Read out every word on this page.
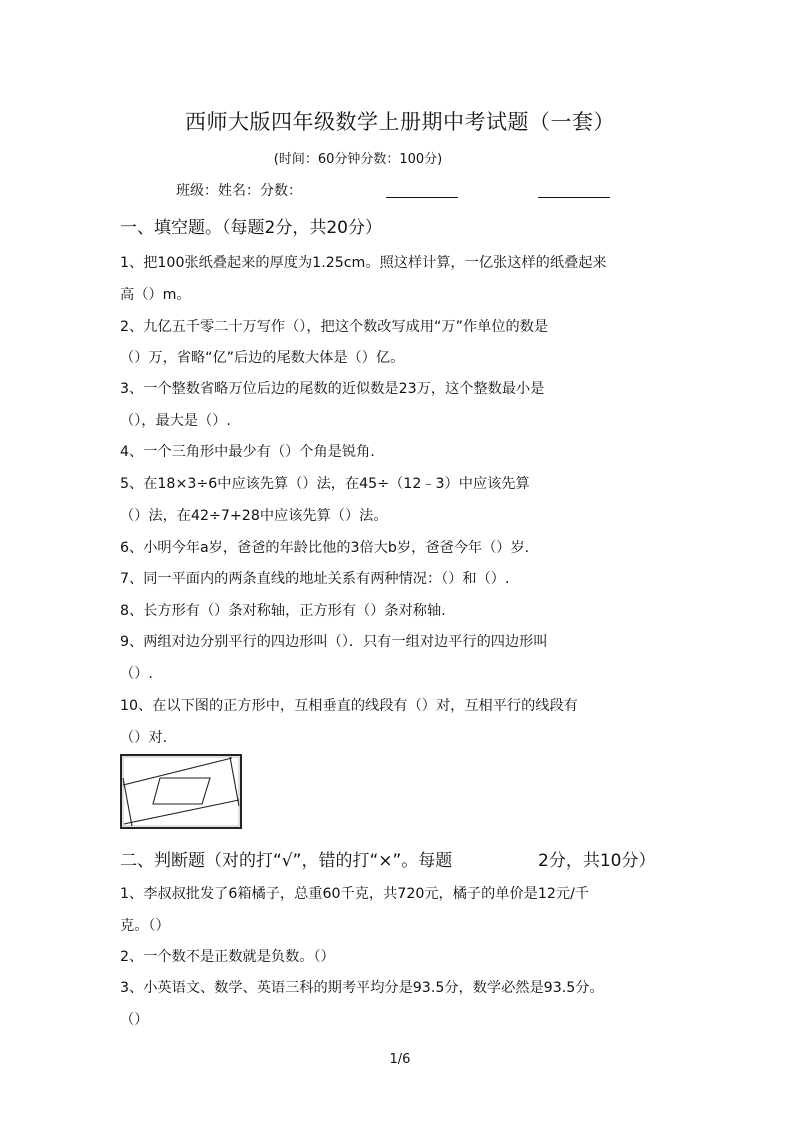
西师大版四年级数学上册期中考试题（一套）
(时间：60分钟分数：100分)
班级：姓名：分数：
一、填空题。（每题2分，共20分）
1、把100张纸叠起来的厚度为1.25cm。照这样计算，一亿张这样的纸叠起来
高（）m。
2、九亿五千零二十万写作（），把这个数改写成用“万”作单位的数是
（）万，省略“亿”后边的尾数大体是（）亿。
3、一个整数省略万位后边的尾数的近似数是23万，这个整数最小是
（），最大是（）.
4、一个三角形中最少有（）个角是锐角.
5、在18×3÷6中应该先算（）法，在45÷（12﹣3）中应该先算
（）法，在42÷7+28中应该先算（）法。
6、小明今年a岁，爸爸的年龄比他的3倍大b岁，爸爸今年（）岁.
7、同一平面内的两条直线的地址关系有两种情况：（）和（）.
8、长方形有（）条对称轴，正方形有（）条对称轴.
9、两组对边分别平行的四边形叫（）．只有一组对边平行的四边形叫
（）.
10、在以下图的正方形中，互相垂直的线段有（）对，互相平行的线段有
（）对.
二、判断题（对的打“√”，错的打“×”。每题	2分，共10分）
1、李叔叔批发了6箱橘子，总重60千克，共720元，橘子的单价是12元/千
克。（）
2、一个数不是正数就是负数。（）
3、小英语文、数学、英语三科的期考平均分是93.5分，数学必然是93.5分。
（）
1/6
